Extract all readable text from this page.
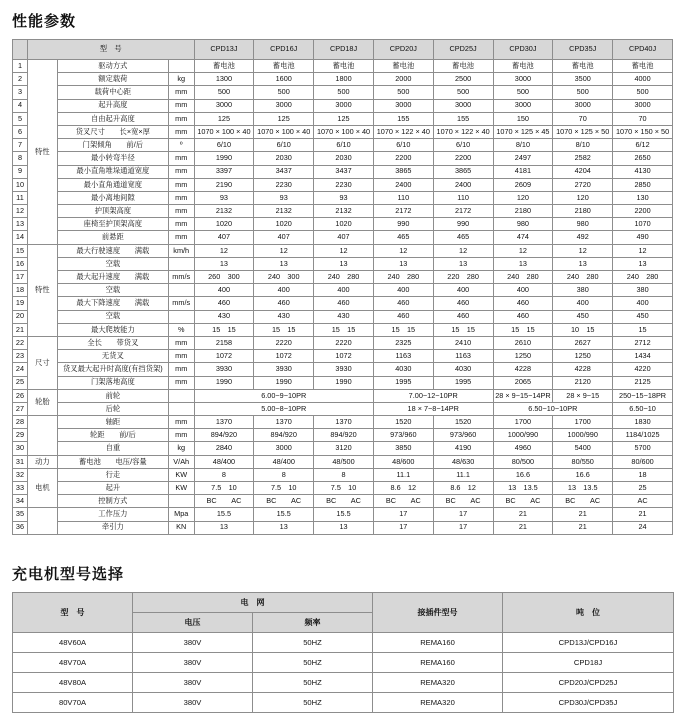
性能参数
	型　号			CPD13J	CPD16J	CPD18J	CPD20J	CPD25J	CPD30J	CPD35J	CPD40J
1	特性	驱动方式		蓄电池	蓄电池	蓄电池	蓄电池	蓄电池	蓄电池	蓄电池	蓄电池
2		额定载荷	kg	1300	1600	1800	2000	2500	3000	3500	4000
3		载荷中心距	mm	500	500	500	500	500	500	500	500
4		起升高度	mm	3000	3000	3000	3000	3000	3000	3000	3000
5		自由起升高度	mm	125	125	125	155	155	150	70	70
6		货叉尺寸　　长×宽×厚	mm	1070 × 100 × 40	1070 × 100 × 40	1070 × 100 × 40	1070 × 122 × 40	1070 × 122 × 40	1070 × 125 × 45	1070 × 125 × 50	1070 × 150 × 50
7		门架倾角　　前/后	º	6/10	6/10	6/10	6/10	6/10	8/10	8/10	6/12
8		最小转弯半径	mm	1990	2030	2030	2200	2200	2497	2582	2650
9		最小直角堆垛通道宽度	mm	3397	3437	3437	3865	3865	4181	4204	4130
10		最小直角通道宽度	mm	2190	2230	2230	2400	2400	2609	2720	2850
11		最小离地间隙	mm	93	93	93	110	110	120	120	130
12		护顶架高度	mm	2132	2132	2132	2172	2172	2180	2180	2200
13		座椅至护顶架高度	mm	1020	1020	1020	990	990	980	980	1070
14		前悬距	mm	407	407	407	465	465	474	492	490
15	特性	最大行驶速度　　满载	km/h	12	12	12	12	12	12	12	12
16		空载		13	13	13	13	13	13	13	13
17		最大起升速度　　满载	mm/s	260　300	240　300	240　280	240　280	220　280	240　280	240　280	240　280
18		空载		400	400	400	400	400	400	380	380
19		最大下降速度　　满载	mm/s	460	460	460	460	460	460	400	400
20		空载		430	430	430	460	460	460	450	450
21		最大爬坡能力	%	15　15	15　15	15　15	15　15	15　15	15　15	10　15	15
22	尺寸	全长　　带货叉	mm	2158	2220	2220	2325	2410	2610	2627	2712
23		无货叉	mm	1072	1072	1072	1163	1163	1250	1250	1434
24		货叉最大起升时高度(有挡货架)	mm	3930	3930	3930	4030	4030	4228	4228	4220
25		门架落地高度	mm	1990	1990	1990	1995	1995	2065	2120	2125
26	轮胎	前轮		6.00−9−10PR			7.00−12−10PR		28 × 9−15−14PR	28 × 9−15	250−15−18PR
27		后轮		5.00−8−10PR			18 × 7−8−14PR		6.50−10−10PR		6.50−10
28		轴距	mm	1370	1370	1370	1520	1520	1700	1700	1830
29		轮距　　前/后	mm	894/920	894/920	894/920	973/960	973/960	1000/990	1000/990	1184/1025
30		自重	kg	2840	3000	3120	3850	4190	4960	5400	5700
31	动力	蓄电池　　电压/容量	V/Ah	48/400	48/400	48/500	48/600	48/630	80/500	80/550	80/600
32	电机	行走	KW	8	8	8	11.1	11.1	16.6	16.6	18
33		起升	KW	7.5　10	7.5　10	7.5　10	8.6　12	8.6　12	13　13.5	13　13.5	25
34		控制方式		BC　　AC	BC　　AC	BC　　AC	BC　　AC	BC　　AC	BC　　AC	BC　　AC	AC
35		工作压力	Mpa	15.5	15.5	15.5	17	17	21	21	21
36		牵引力	KN	13	13	13	17	17	21	21	24
充电机型号选择
型　号	电　网		接插件型号	吨　位
	电压	频率		
48V60A	380V	50HZ	REMA160	CPD13J/CPD16J
48V70A	380V	50HZ	REMA160	CPD18J
48V80A	380V	50HZ	REMA320	CPD20J/CPD25J
80V70A	380V	50HZ	REMA320	CPD30J/CPD35J
